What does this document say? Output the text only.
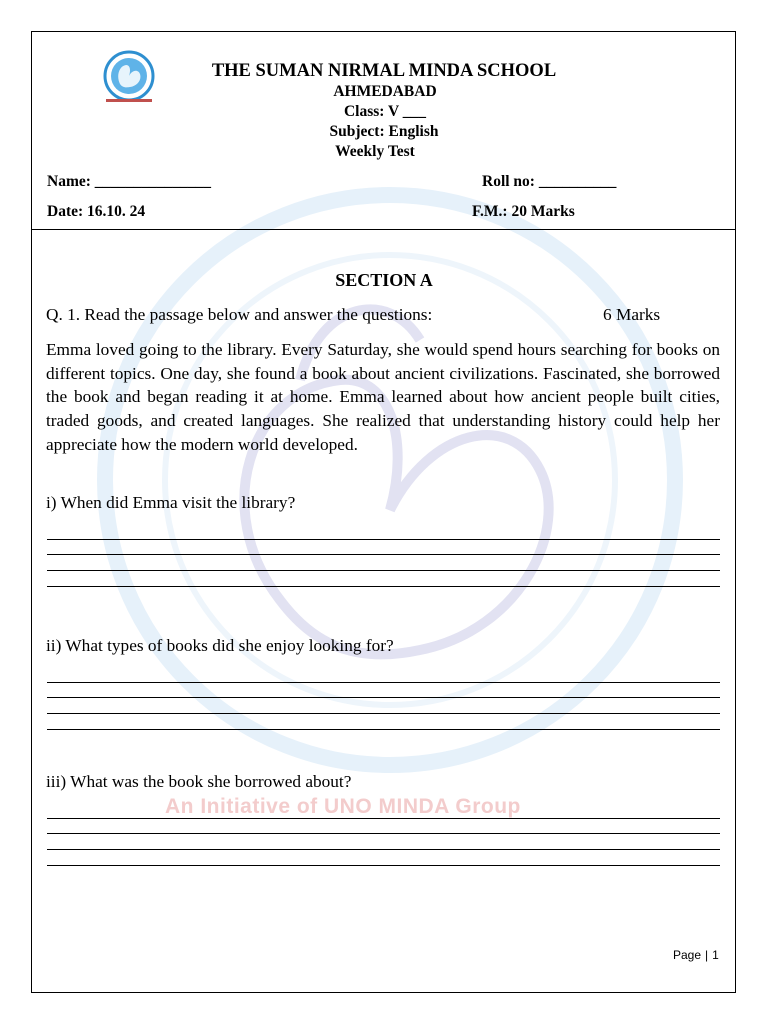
An Initiative of UNO MINDA Group
THE SUMAN NIRMAL MINDA SCHOOL
AHMEDABAD
Class: V ___
Subject: English
Weekly Test
Name: _______________	Roll no: __________
Date: 16.10. 24	F.M.: 20 Marks
SECTION A
Q. 1. Read the passage below and answer the questions:	6 Marks

Emma loved going to the library. Every Saturday, she would spend hours searching for books on different topics. One day, she found a book about ancient civilizations. Fascinated, she borrowed the book and began reading it at home. Emma learned about how ancient people built cities, traded goods, and created languages. She realized that understanding history could help her appreciate how the modern world developed.

i) When did Emma visit the library?
ii) What types of books did she enjoy looking for?
iii) What was the book she borrowed about?
Page | 1
